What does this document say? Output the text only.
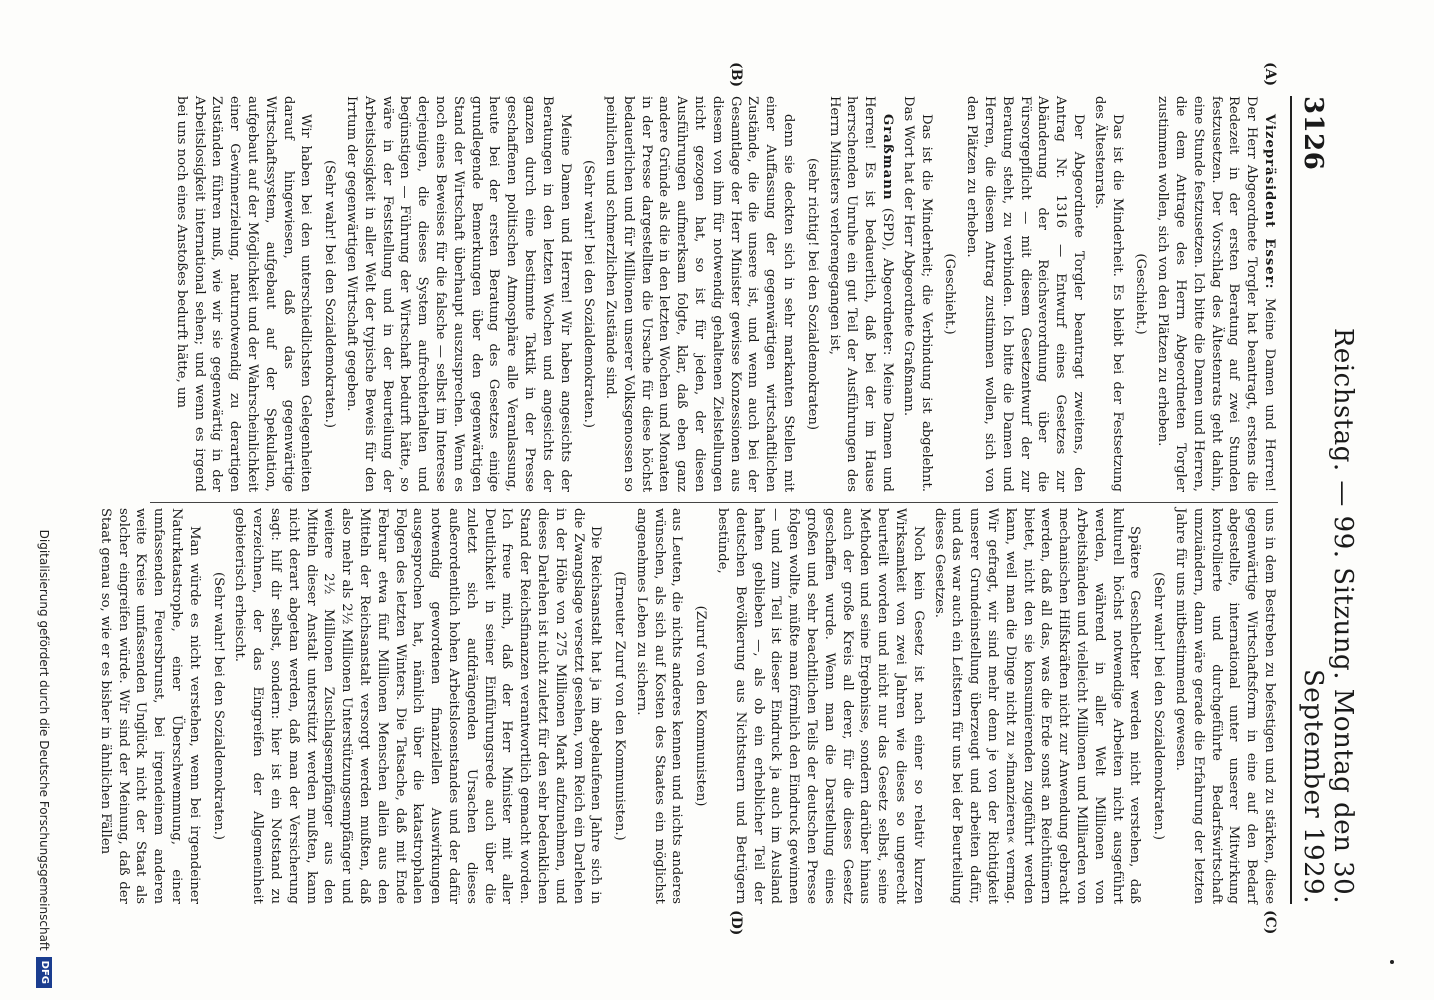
3126
Reichstag. — 99. Sitzung. Montag den 30. September 1929.
(A)
(B)
(C)
(D)

Vizepräsident Esser: Meine Damen und Herren! Der Herr Abgeordnete Torgler hat beantragt, erstens die Redezeit in der ersten Beratung auf zwei Stunden festzusetzen. Der Vorschlag des Ältestenrats geht dahin, eine Stunde festzusetzen. Ich bitte die Damen und Herren, die dem Antrage des Herrn Abgeordneten Torgler zustimmen wollen, sich von den Plätzen zu erheben.

(Geschieht.)

Das ist die Minderheit. Es bleibt bei der Festsetzung des Ältestenrats.

Der Abgeordnete Torgler beantragt zweitens, den Antrag Nr. 1316 — Entwurf eines Gesetzes zur Abänderung der Reichsverordnung über die Fürsorgepflicht — mit diesem Gesetzentwurf der zur Beratung steht, zu verbinden. Ich bitte die Damen und Herren, die diesem Antrag zustimmen wollen, sich von den Plätzen zu erheben.

(Geschieht.)

Das ist die Minderheit; die Verbindung ist abgelehnt. Das Wort hat der Herr Abgeordnete Graßmann.

Graßmann (SPD), Abgeordneter: Meine Damen und Herren! Es ist bedauerlich, daß bei der im Hause herrschenden Unruhe ein gut Teil der Ausführungen des Herrn Ministers verlorengegangen ist,

(sehr richtig! bei den Sozialdemokraten)

denn sie deckten sich in sehr markanten Stellen mit einer Auffassung der gegenwärtigen wirtschaftlichen Zustände, die die unsere ist, und wenn auch bei der Gesamtlage der Herr Minister gewisse Konzessionen aus diesem von ihm für notwendig gehaltenen Zielstellungen nicht gezogen hat, so ist für jeden, der diesen Ausführungen aufmerksam folgte, klar, daß eben ganz andere Gründe als die in den letzten Wochen und Monaten in der Presse dargestellten die Ursache für diese höchst bedauerlichen und für Millionen unserer Volksgenossen so peinlichen und schmerzlichen Zustände sind.

(Sehr wahr! bei den Sozialdemokraten.)

Meine Damen und Herren! Wir haben angesichts der Beratungen in den letzten Wochen und angesichts der ganzen durch eine bestimmte Taktik in der Presse geschaffenen politischen Atmosphäre alle Veranlassung, heute bei der ersten Beratung des Gesetzes einige grundlegende Bemerkungen über den gegenwärtigen Stand der Wirtschaft überhaupt auszusprechen. Wenn es noch eines Beweises für die falsche — selbst im Interesse derjenigen, die dieses System aufrechterhalten und begünstigen — Führung der Wirtschaft bedurft hätte, so wäre in der Feststellung und in der Beurteilung der Arbeitslosigkeit in aller Welt der typische Beweis für den Irrtum der gegenwärtigen Wirtschaft gegeben.

(Sehr wahr! bei den Sozialdemokraten.)

Wir haben bei den unterschiedlichsten Gelegenheiten darauf hingewiesen, daß das gegenwärtige Wirtschaftssystem, aufgebaut auf der Spekulation, aufgebaut auf der Möglichkeit und der Wahrscheinlichkeit einer Gewinnerzielung, naturnotwendig zu derartigen Zuständen führen muß, wie wir sie gegenwärtig in der Arbeitslosigkeit international sehen; und wenn es irgend bei uns noch eines Anstoßes bedurft hätte, um

uns in dem Bestreben zu befestigen und zu stärken, diese gegenwärtige Wirtschaftsform in eine auf den Bedarf abgestellte, international unter unserer Mitwirkung kontrollierte und durchgeführte Bedarfswirtschaft umzuändern, dann wäre gerade die Erfahrung der letzten Jahre für uns mitbestimmend gewesen.

(Sehr wahr! bei den Sozialdemokraten.)

Spätere Geschlechter werden nicht verstehen, daß kulturell höchst notwendige Arbeiten nicht ausgeführt werden, während in aller Welt Millionen von Arbeitshänden und vielleicht Millionen und Milliarden von mechanischen Hilfskräften nicht zur Anwendung gebracht werden, daß all das, was die Erde sonst an Reichtümern bietet, nicht den sie konsumierenden zugeführt werden kann, weil man die Dinge nicht zu »finanzieren« vermag. Wir gefragt, wir sind mehr denn je von der Richtigkeit unserer Grundeinstellung überzeugt und arbeiten dafür, und das war auch ein Leitstern für uns bei der Beurteilung dieses Gesetzes.

Noch kein Gesetz ist nach einer so relativ kurzen Wirksamkeit von zwei Jahren wie dieses so ungerecht beurteilt worden und nicht nur das Gesetz selbst, seine Methoden und seine Ergebnisse, sondern darüber hinaus auch der große Kreis all derer, für die dieses Gesetz geschaffen wurde. Wenn man die Darstellung eines großen und sehr beachtlichen Teils der deutschen Presse folgen wollte, müßte man förmlich den Eindruck gewinnen — und zum Teil ist dieser Eindruck ja auch im Ausland haften geblieben —, als ob ein erheblicher Teil der deutschen Bevölkerung aus Nichtstuern und Betrügern bestünde,

(Zuruf von den Kommunisten)

aus Leuten, die nichts anderes kennen und nichts anderes wünschen, als sich auf Kosten des Staates ein möglichst angenehmes Leben zu sichern.

(Erneuter Zuruf von den Kommunisten.)

Die Reichsanstalt hat ja im abgelaufenen Jahre sich in die Zwangslage versetzt gesehen, vom Reich ein Darlehen in der Höhe von 275 Millionen Mark aufzunehmen, und dieses Darlehen ist nicht zuletzt für den sehr bedenklichen Stand der Reichsfinanzen verantwortlich gemacht worden. Ich freue mich, daß der Herr Minister mit aller Deutlichkeit in seiner Einführungsrede auch über die zuletzt sich aufdrängenden Ursachen dieses außerordentlich hohen Arbeitslosenstandes und der dafür notwendig gewordenen finanziellen Auswirkungen ausgesprochen hat, nämlich über die katastrophalen Folgen des letzten Winters. Die Tatsache, daß mit Ende Februar etwa fünf Millionen Menschen allein aus den Mitteln der Reichsanstalt versorgt werden mußten, daß also mehr als 2½ Millionen Unterstützungsempfänger und weitere 2½ Millionen Zuschlagsempfänger aus den Mitteln dieser Anstalt unterstützt werden mußten, kann nicht derart abgetan werden, daß man der Versicherung sagt: hilf dir selbst, sondern: hier ist ein Notstand zu verzeichnen, der das Eingreifen der Allgemeinheit gebieterisch erheischt.

(Sehr wahr! bei den Sozialdemokraten.)

Man würde es nicht verstehen, wenn bei irgendeiner Naturkatastrophe, einer Überschwemmung, einer umfassenden Feuersbrunst, bei irgendeinem anderen weite Kreise umfassenden Unglück nicht der Staat als solcher eingreifen würde. Wir sind der Meinung, daß der Staat genau so, wie er es bisher in ähnlichen Fällen

Digitalisierung gefördert durch die Deutsche Forschungsgemeinschaft
DFG
